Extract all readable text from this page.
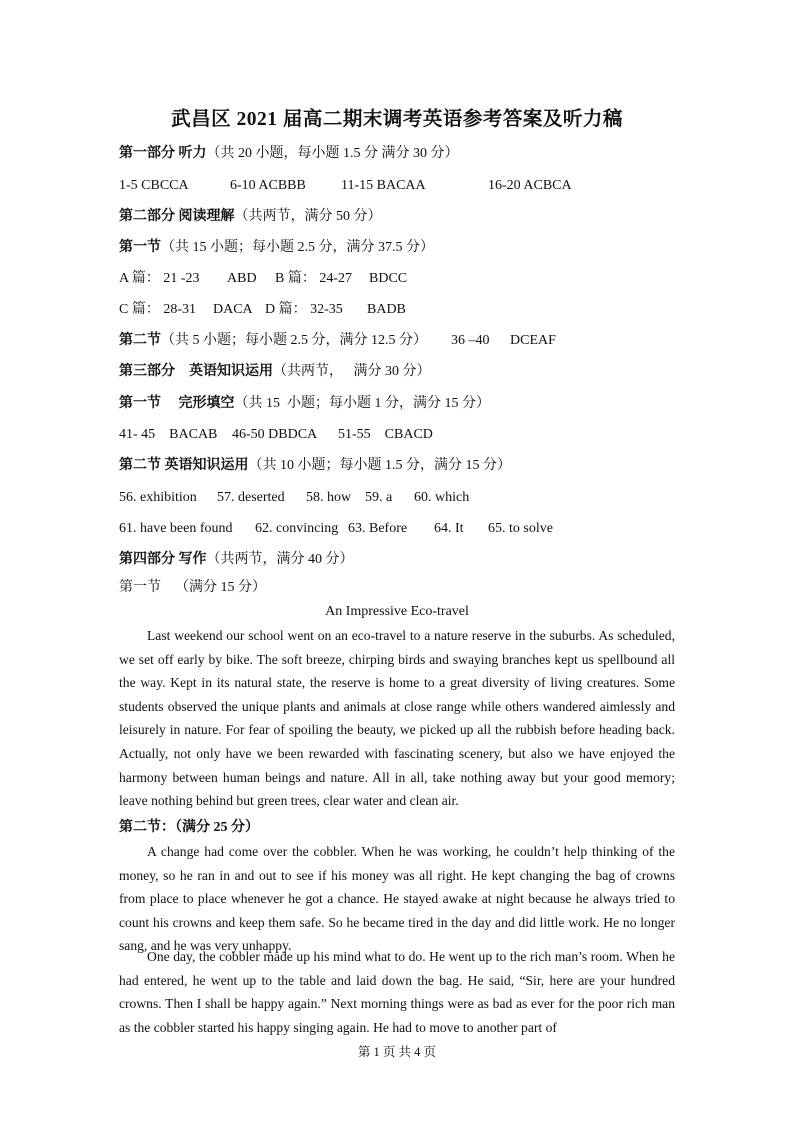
武昌区 2021 届高二期末调考英语参考答案及听力稿
第一部分 听力（共 20 小题，每小题 1.5 分 满分 30 分）
1-5 CBCCA	6-10 ACBBB	11-15 BACAA	16-20 ACBCA
第二部分 阅读理解（共两节，满分 50 分）
第一节（共 15 小题；每小题 2.5 分，满分 37.5 分）
A 篇： 21 -23 ABD B 篇： 24-27 BDCC
C 篇： 28-31 DACA D 篇： 32-35 BADB
第二节（共 5 小题；每小题 2.5 分，满分 12.5 分） 36 –40 DCEAF
第三部分    英语知识运用（共两节，   满分 30 分）
第一节     完形填空（共 15  小题；每小题 1 分，满分 15 分）
41- 45    BACAB 46-50 DBDCA 51-55    CBACD
第二节 英语知识运用（共 10 小题；每小题 1.5 分，满分 15 分）
56. exhibition 57. deserted 58. how 59. a 60. which
61. have been found 62. convincing 63. Before 64. It 65. to solve
第四部分 写作（共两节，满分 40 分）
第一节 （满分 15 分）
An Impressive Eco-travel

Last weekend our school went on an eco-travel to a nature reserve in the suburbs. As scheduled, we set off early by bike. The soft breeze, chirping birds and swaying branches kept us spellbound all the way. Kept in its natural state, the reserve is home to a great diversity of living creatures. Some students observed the unique plants and animals at close range while others wandered aimlessly and leisurely in nature. For fear of spoiling the beauty, we picked up all the rubbish before heading back. Actually, not only have we been rewarded with fascinating scenery, but also we have enjoyed the harmony between human beings and nature. All in all, take nothing away but your good memory; leave nothing behind but green trees, clear water and clean air.

第二节：（满分 25 分）

A change had come over the cobbler. When he was working, he couldn’t help thinking of the money, so he ran in and out to see if his money was all right. He kept changing the bag of crowns from place to place whenever he got a chance. He stayed awake at night because he always tried to count his crowns and keep them safe. So he became tired in the day and did little work. He no longer sang, and he was very unhappy.

One day, the cobbler made up his mind what to do. He went up to the rich man’s room. When he had entered, he went up to the table and laid down the bag. He said, “Sir, here are your hundred crowns. Then I shall be happy again.” Next morning things were as bad as ever for the poor rich man as the cobbler started his happy singing again. He had to move to another part of

第 1 页 共 4 页
